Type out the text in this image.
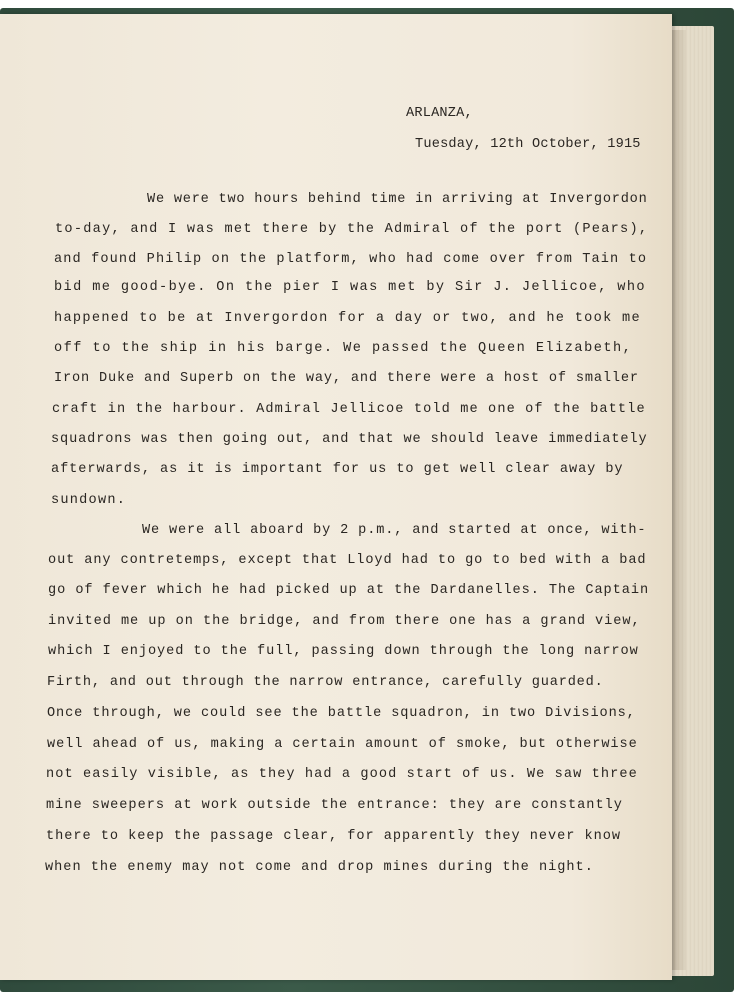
ARLANZA,
Tuesday, 12th October, 1915
We were two hours behind time in arriving at Invergordon
to-day, and I was met there by the Admiral of the port (Pears),
and found Philip on the platform, who had come over from Tain to
bid me good-bye. On the pier I was met by Sir J. Jellicoe, who
happened to be at Invergordon for a day or two, and he took me
off to the ship in his barge. We passed the Queen Elizabeth,
Iron Duke and Superb on the way, and there were a host of smaller
craft in the harbour. Admiral Jellicoe told me one of the battle
squadrons was then going out, and that we should leave immediately
afterwards, as it is important for us to get well clear away by
sundown.
We were all aboard by 2 p.m., and started at once, with-
out any contretemps, except that Lloyd had to go to bed with a bad
go of fever which he had picked up at the Dardanelles. The Captain
invited me up on the bridge, and from there one has a grand view,
which I enjoyed to the full, passing down through the long narrow
Firth, and out through the narrow entrance, carefully guarded.
Once through, we could see the battle squadron, in two Divisions,
well ahead of us, making a certain amount of smoke, but otherwise
not easily visible, as they had a good start of us. We saw three
mine sweepers at work outside the entrance: they are constantly
there to keep the passage clear, for apparently they never know
when the enemy may not come and drop mines during the night.
